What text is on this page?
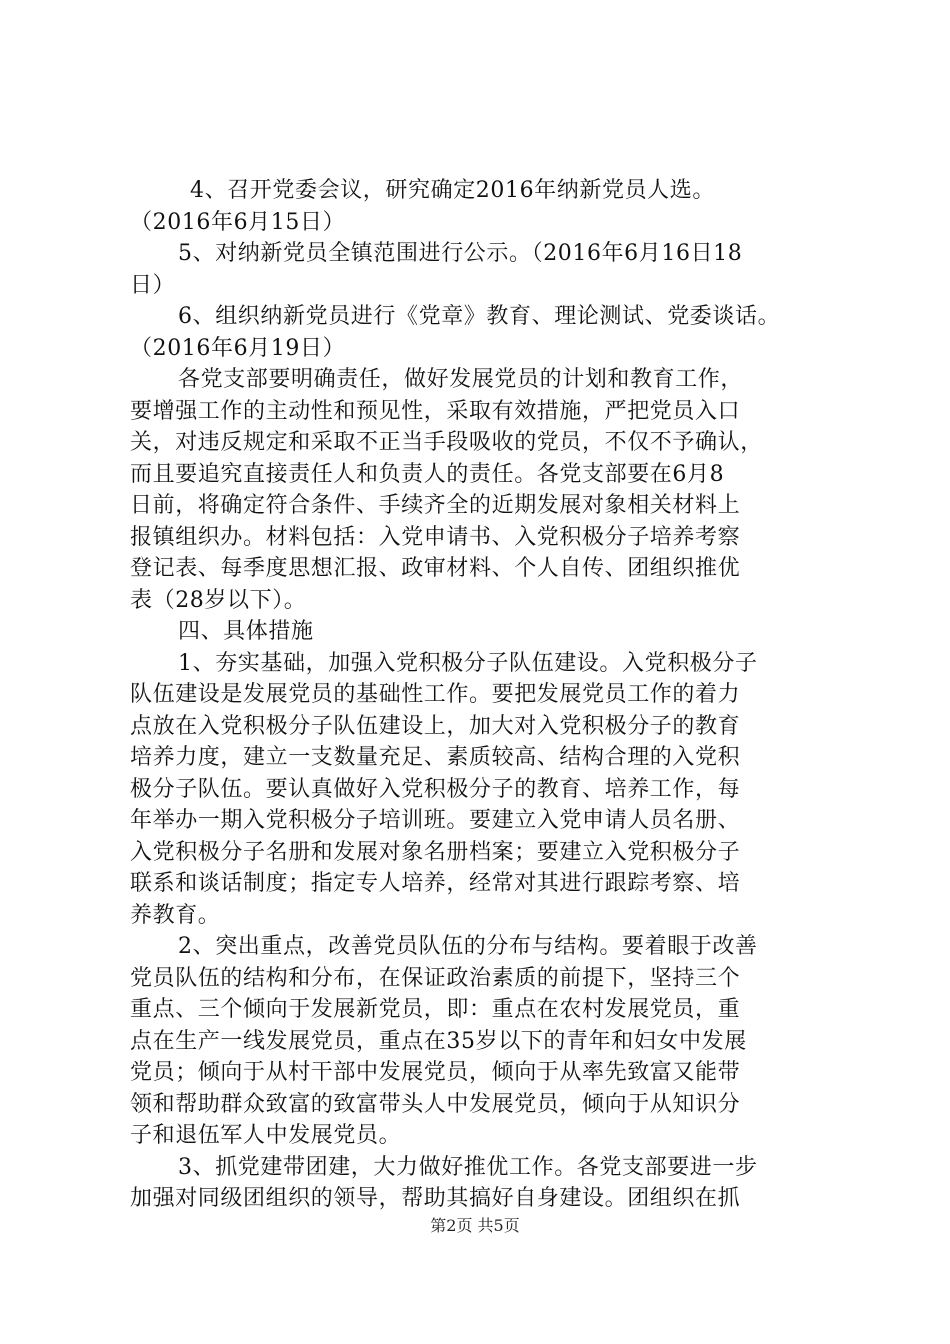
4、召开党委会议，研究确定2016年纳新党员人选。
（2016年6月15日）
5、对纳新党员全镇范围进行公示。（2016年6月16日18
日）
6、组织纳新党员进行《党章》教育、理论测试、党委谈话。
（2016年6月19日）
各党支部要明确责任，做好发展党员的计划和教育工作，
要增强工作的主动性和预见性，采取有效措施，严把党员入口
关，对违反规定和采取不正当手段吸收的党员，不仅不予确认，
而且要追究直接责任人和负责人的责任。各党支部要在6月8
日前，将确定符合条件、手续齐全的近期发展对象相关材料上
报镇组织办。材料包括：入党申请书、入党积极分子培养考察
登记表、每季度思想汇报、政审材料、个人自传、团组织推优
表（28岁以下）。
四、具体措施
1、夯实基础，加强入党积极分子队伍建设。入党积极分子
队伍建设是发展党员的基础性工作。要把发展党员工作的着力
点放在入党积极分子队伍建设上，加大对入党积极分子的教育
培养力度，建立一支数量充足、素质较高、结构合理的入党积
极分子队伍。要认真做好入党积极分子的教育、培养工作，每
年举办一期入党积极分子培训班。要建立入党申请人员名册、
入党积极分子名册和发展对象名册档案；要建立入党积极分子
联系和谈话制度；指定专人培养，经常对其进行跟踪考察、培
养教育。
2、突出重点，改善党员队伍的分布与结构。要着眼于改善
党员队伍的结构和分布，在保证政治素质的前提下，坚持三个
重点、三个倾向于发展新党员，即：重点在农村发展党员，重
点在生产一线发展党员，重点在35岁以下的青年和妇女中发展
党员；倾向于从村干部中发展党员，倾向于从率先致富又能带
领和帮助群众致富的致富带头人中发展党员，倾向于从知识分
子和退伍军人中发展党员。
3、抓党建带团建，大力做好推优工作。各党支部要进一步
加强对同级团组织的领导，帮助其搞好自身建设。团组织在抓
第2页 共5页
